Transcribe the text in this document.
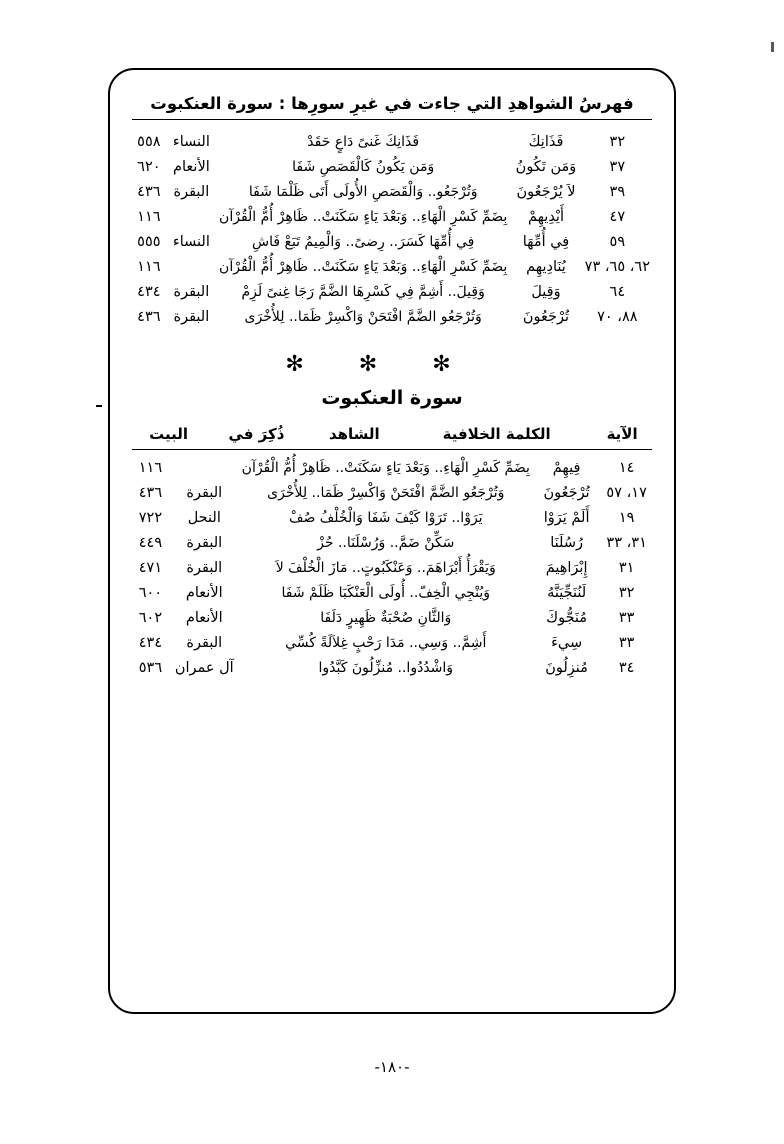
فهرسُ الشواهدِ التي جاءت في غيرِ سورِها : سورة العنكبوت
٣٢	فَذَانِكَ	فَذَانِكَ غَنىً دَاعٍ حَقَدْ	النساء	٥٥٨
٣٧	وَمَن تَكُونُ	وَمَن يَكُونُ كَالْقَصَصِ شَفَا	الأنعام	٦٢٠
٣٩	لاَ يُرْجَعُونَ	وَتُرْجَعُو.. وَالْقَصَصِ الأُولَى أَتَى ظَلْمَا شَفَا	البقرة	٤٣٦
٤٧	أَيْدِيهِمْ	بِضَمِّ كَسْرِ الْهَاءِ.. وَبَعْدَ يَاءٍ سَكَنَتْ.. ظَاهِرْ أُمُّ الْقُرْآن		١١٦
٥٩	فِي أُمِّهَا	فِي أُمِّهَا كَسَرَ.. رِضىً.. وَالْمِيمُ تَبَعْ فَاشِ	النساء	٥٥٥
٦٢، ٦٥، ٧٣	يُنَادِيهِم	بِضَمِّ كَسْرِ الْهَاءِ.. وَبَعْدَ يَاءٍ سَكَنَتْ.. ظَاهِرْ أُمُّ الْقُرْآن		١١٦
٦٤	وَقِيلَ	وَقِيلَ.. أَشِمَّ فِي كَسْرِهَا الضَّمَّ رَجَا غِنىً لَزِمْ	البقرة	٤٣٤
٨٨، ٧٠	تُرْجَعُونَ	وَتُرْجَعُو الضَّمَّ افْتَحَنْ وَاكْسِرْ ظَمَا.. لِلأُخْرَى	البقرة	٤٣٦
✻ ✻ ✻
سورة العنكبوت
الآية	الكلمة الخلافية	الشاهد	ذُكِرَ في	البيت
١٤	فِيهِمْ	بِضَمِّ كَسْرِ الْهَاءِ.. وَبَعْدَ يَاءٍ سَكَنَتْ.. ظَاهِرْ أُمُّ الْقُرْآن		١١٦
١٧، ٥٧	تُرْجَعُونَ	وَتُرْجَعُو الضَّمَّ افْتَحَنْ وَاكْسِرْ ظَمَا.. لِلأُخْرَى	البقرة	٤٣٦
١٩	أَلَمْ يَرَوْا	يَرَوْا.. تَرَوْا كَيْفَ شَفَا وَالْخُلْفُ صُفْ	النحل	٧٢٢
٣١، ٣٣	رُسُلَنَا	سَكِّنْ ضَمَّ.. وَرُسْلَنَا.. حُزْ	البقرة	٤٤٩
٣١	إِبْرَاهِيمَ	وَيَقْرَأُ أَبْرَاهَمَ.. وَعَنْكَبُوتٍ.. مَازَ الْخُلْفَ لاَ	البقرة	٤٧١
٣٢	لَنُنَجِّيَنَّهُ	وَيُنْجِي الْخِفّ.. أُولَى الْعَنْكَبَا ظَلَمْ شَفَا	الأنعام	٦٠٠
٣٣	مُنَجُّوكَ	وَالثَّانِ صُحْبَةٌ ظَهِيرٍ دَلَفَا	الأنعام	٦٠٢
٣٣	سِيءَ	أَشِمَّ.. وَسِي.. مَدَا رَحْبٍ غِلاَلَةً كُسِّي	البقرة	٤٣٤
٣٤	مُنزِلُونَ	وَاشْدُدُوا.. مُنزِّلُونَ كَبَّدُوا	آل عمران	٥٣٦
-١٨٠-
